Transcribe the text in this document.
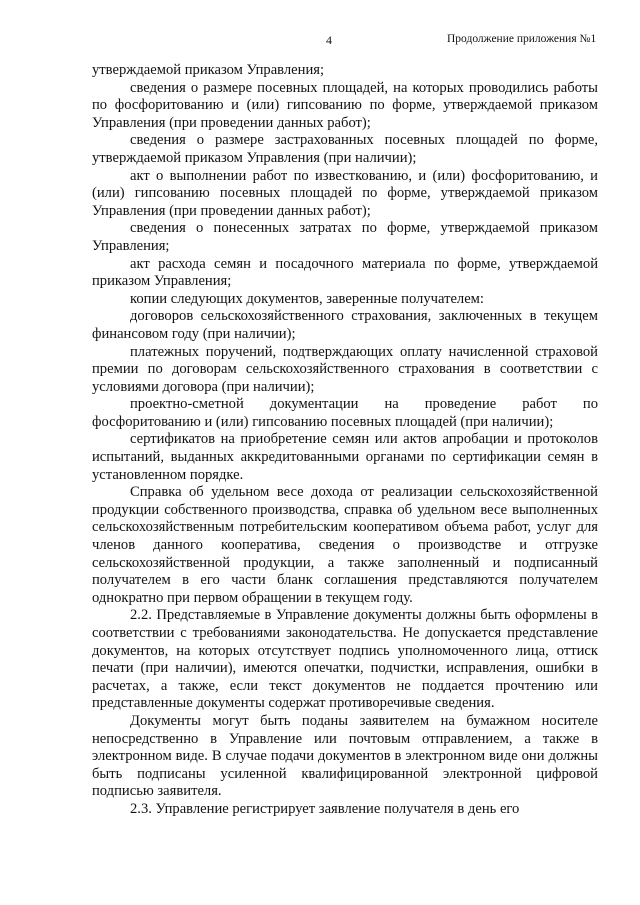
4	Продолжение приложения №1

утверждаемой приказом Управления;

сведения о размере посевных площадей, на которых проводились работы по фосфоритованию и (или) гипсованию по форме, утверждаемой приказом Управления (при проведении данных работ);

сведения о размере застрахованных посевных площадей по форме, утверждаемой приказом Управления (при наличии);

акт о выполнении работ по известкованию, и (или) фосфоритованию, и (или) гипсованию посевных площадей по форме, утверждаемой приказом Управления (при проведении данных работ);

сведения о понесенных затратах по форме, утверждаемой приказом Управления;

акт расхода семян и посадочного материала по форме, утверждаемой приказом Управления;

копии следующих документов, заверенные получателем:

договоров сельскохозяйственного страхования, заключенных в текущем финансовом году (при наличии);

платежных поручений, подтверждающих оплату начисленной страховой премии по договорам сельскохозяйственного страхования в соответствии с условиями договора (при наличии);

проектно-сметной документации на проведение работ по фосфоритованию и (или) гипсованию посевных площадей (при наличии);

сертификатов на приобретение семян или актов апробации и протоколов испытаний, выданных аккредитованными органами по сертификации семян в установленном порядке.

Справка об удельном весе дохода от реализации сельскохозяйственной продукции собственного производства, справка об удельном весе выполненных сельскохозяйственным потребительским кооперативом объема работ, услуг для членов данного кооператива, сведения о производстве и отгрузке сельскохозяйственной продукции, а также заполненный и подписанный получателем в его части бланк соглашения представляются получателем однократно при первом обращении в текущем году.

2.2. Представляемые в Управление документы должны быть оформлены в соответствии с требованиями законодательства. Не допускается представление документов, на которых отсутствует подпись уполномоченного лица, оттиск печати (при наличии), имеются опечатки, подчистки, исправления, ошибки в расчетах, а также, если текст документов не поддается прочтению или представленные документы содержат противоречивые сведения.

Документы могут быть поданы заявителем на бумажном носителе непосредственно в Управление или почтовым отправлением, а также в электронном виде. В случае подачи документов в электронном виде они должны быть подписаны усиленной квалифицированной электронной цифровой подписью заявителя.

2.3. Управление регистрирует заявление получателя в день его
